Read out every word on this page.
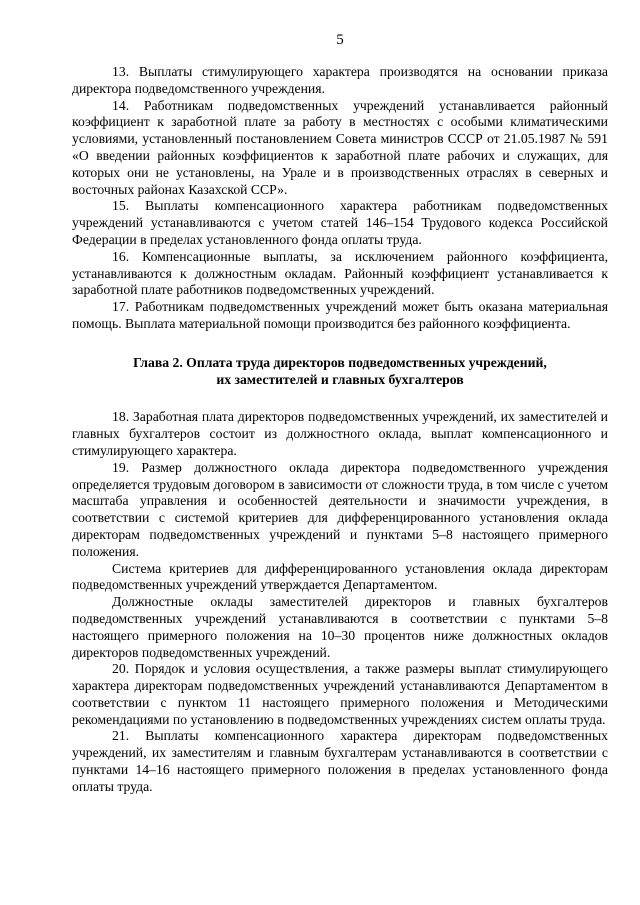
5

13. Выплаты стимулирующего характера производятся на основании приказа директора подведомственного учреждения.

14. Работникам подведомственных учреждений устанавливается районный коэффициент к заработной плате за работу в местностях с особыми климатическими условиями, установленный постановлением Совета министров СССР от 21.05.1987 № 591 «О введении районных коэффициентов к заработной плате рабочих и служащих, для которых они не установлены, на Урале и в производственных отраслях в северных и восточных районах Казахской ССР».

15. Выплаты компенсационного характера работникам подведомственных учреждений устанавливаются с учетом статей 146–154 Трудового кодекса Российской Федерации в пределах установленного фонда оплаты труда.

16. Компенсационные выплаты, за исключением районного коэффициента, устанавливаются к должностным окладам. Районный коэффициент устанавливается к заработной плате работников подведомственных учреждений.

17. Работникам подведомственных учреждений может быть оказана материальная помощь. Выплата материальной помощи производится без районного коэффициента.

Глава 2. Оплата труда директоров подведомственных учреждений,
их заместителей и главных бухгалтеров

18. Заработная плата директоров подведомственных учреждений, их заместителей и главных бухгалтеров состоит из должностного оклада, выплат компенсационного и стимулирующего характера.

19. Размер должностного оклада директора подведомственного учреждения определяется трудовым договором в зависимости от сложности труда, в том числе с учетом масштаба управления и особенностей деятельности и значимости учреждения, в соответствии с системой критериев для дифференцированного установления оклада директорам подведомственных учреждений и пунктами 5–8 настоящего примерного положения.

Система критериев для дифференцированного установления оклада директорам подведомственных учреждений утверждается Департаментом.

Должностные оклады заместителей директоров и главных бухгалтеров подведомственных учреждений устанавливаются в соответствии с пунктами 5–8 настоящего примерного положения на 10–30 процентов ниже должностных окладов директоров подведомственных учреждений.

20. Порядок и условия осуществления, а также размеры выплат стимулирующего характера директорам подведомственных учреждений устанавливаются Департаментом в соответствии с пунктом 11 настоящего примерного положения и Методическими рекомендациями по установлению в подведомственных учреждениях систем оплаты труда.

21. Выплаты компенсационного характера директорам подведомственных учреждений, их заместителям и главным бухгалтерам устанавливаются в соответствии с пунктами 14–16 настоящего примерного положения в пределах установленного фонда оплаты труда.
